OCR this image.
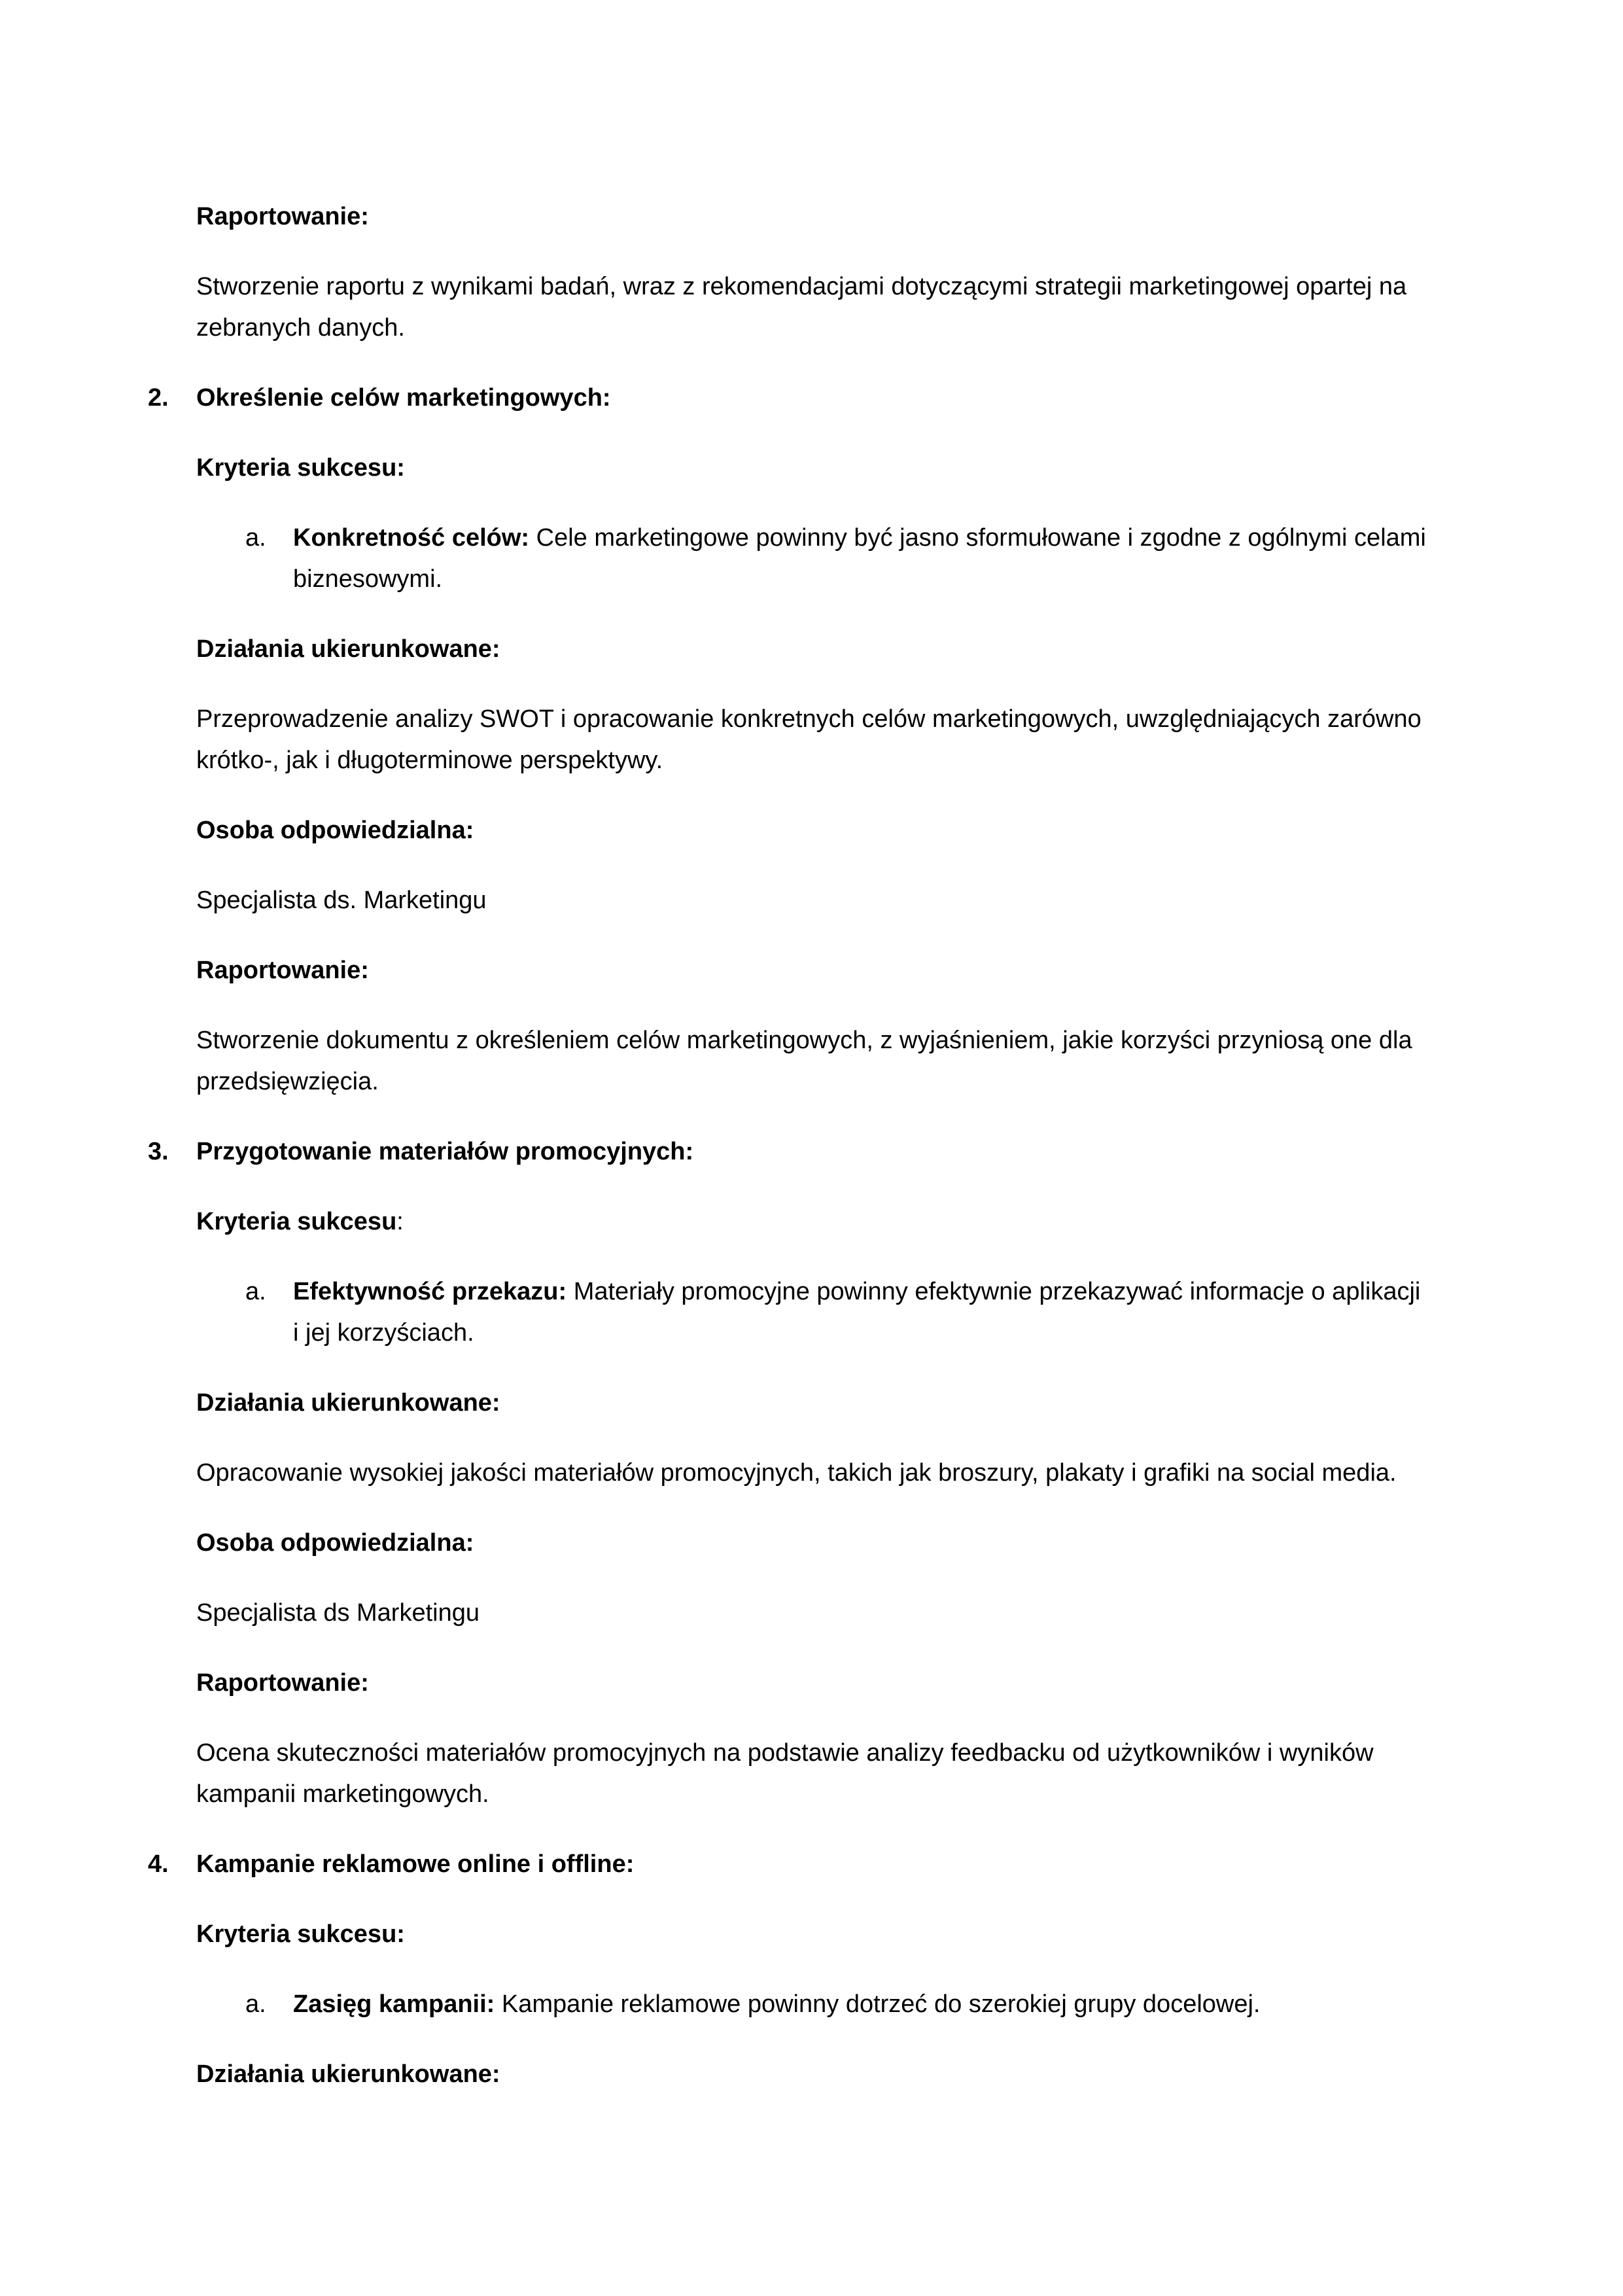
Raportowanie:

Stworzenie raportu z wynikami badań, wraz z rekomendacjami dotyczącymi strategii marketingowej opartej na zebranych danych.

2.	Określenie celów marketingowych:

Kryteria sukcesu:

a.	Konkretność celów: Cele marketingowe powinny być jasno sformułowane i zgodne z ogólnymi celami biznesowymi.

Działania ukierunkowane:

Przeprowadzenie analizy SWOT i opracowanie konkretnych celów marketingowych, uwzględniających zarówno krótko-, jak i długoterminowe perspektywy.

Osoba odpowiedzialna:

Specjalista ds. Marketingu

Raportowanie:

Stworzenie dokumentu z określeniem celów marketingowych, z wyjaśnieniem, jakie korzyści przyniosą one dla przedsięwzięcia.

3.	Przygotowanie materiałów promocyjnych:

Kryteria sukcesu:

a.	Efektywność przekazu: Materiały promocyjne powinny efektywnie przekazywać informacje o aplikacji i jej korzyściach.

Działania ukierunkowane:

Opracowanie wysokiej jakości materiałów promocyjnych, takich jak broszury, plakaty i grafiki na social media.

Osoba odpowiedzialna:

Specjalista ds Marketingu

Raportowanie:

Ocena skuteczności materiałów promocyjnych na podstawie analizy feedbacku od użytkowników i wyników kampanii marketingowych.

4.	Kampanie reklamowe online i offline:

Kryteria sukcesu:

a.	Zasięg kampanii: Kampanie reklamowe powinny dotrzeć do szerokiej grupy docelowej.

Działania ukierunkowane:
